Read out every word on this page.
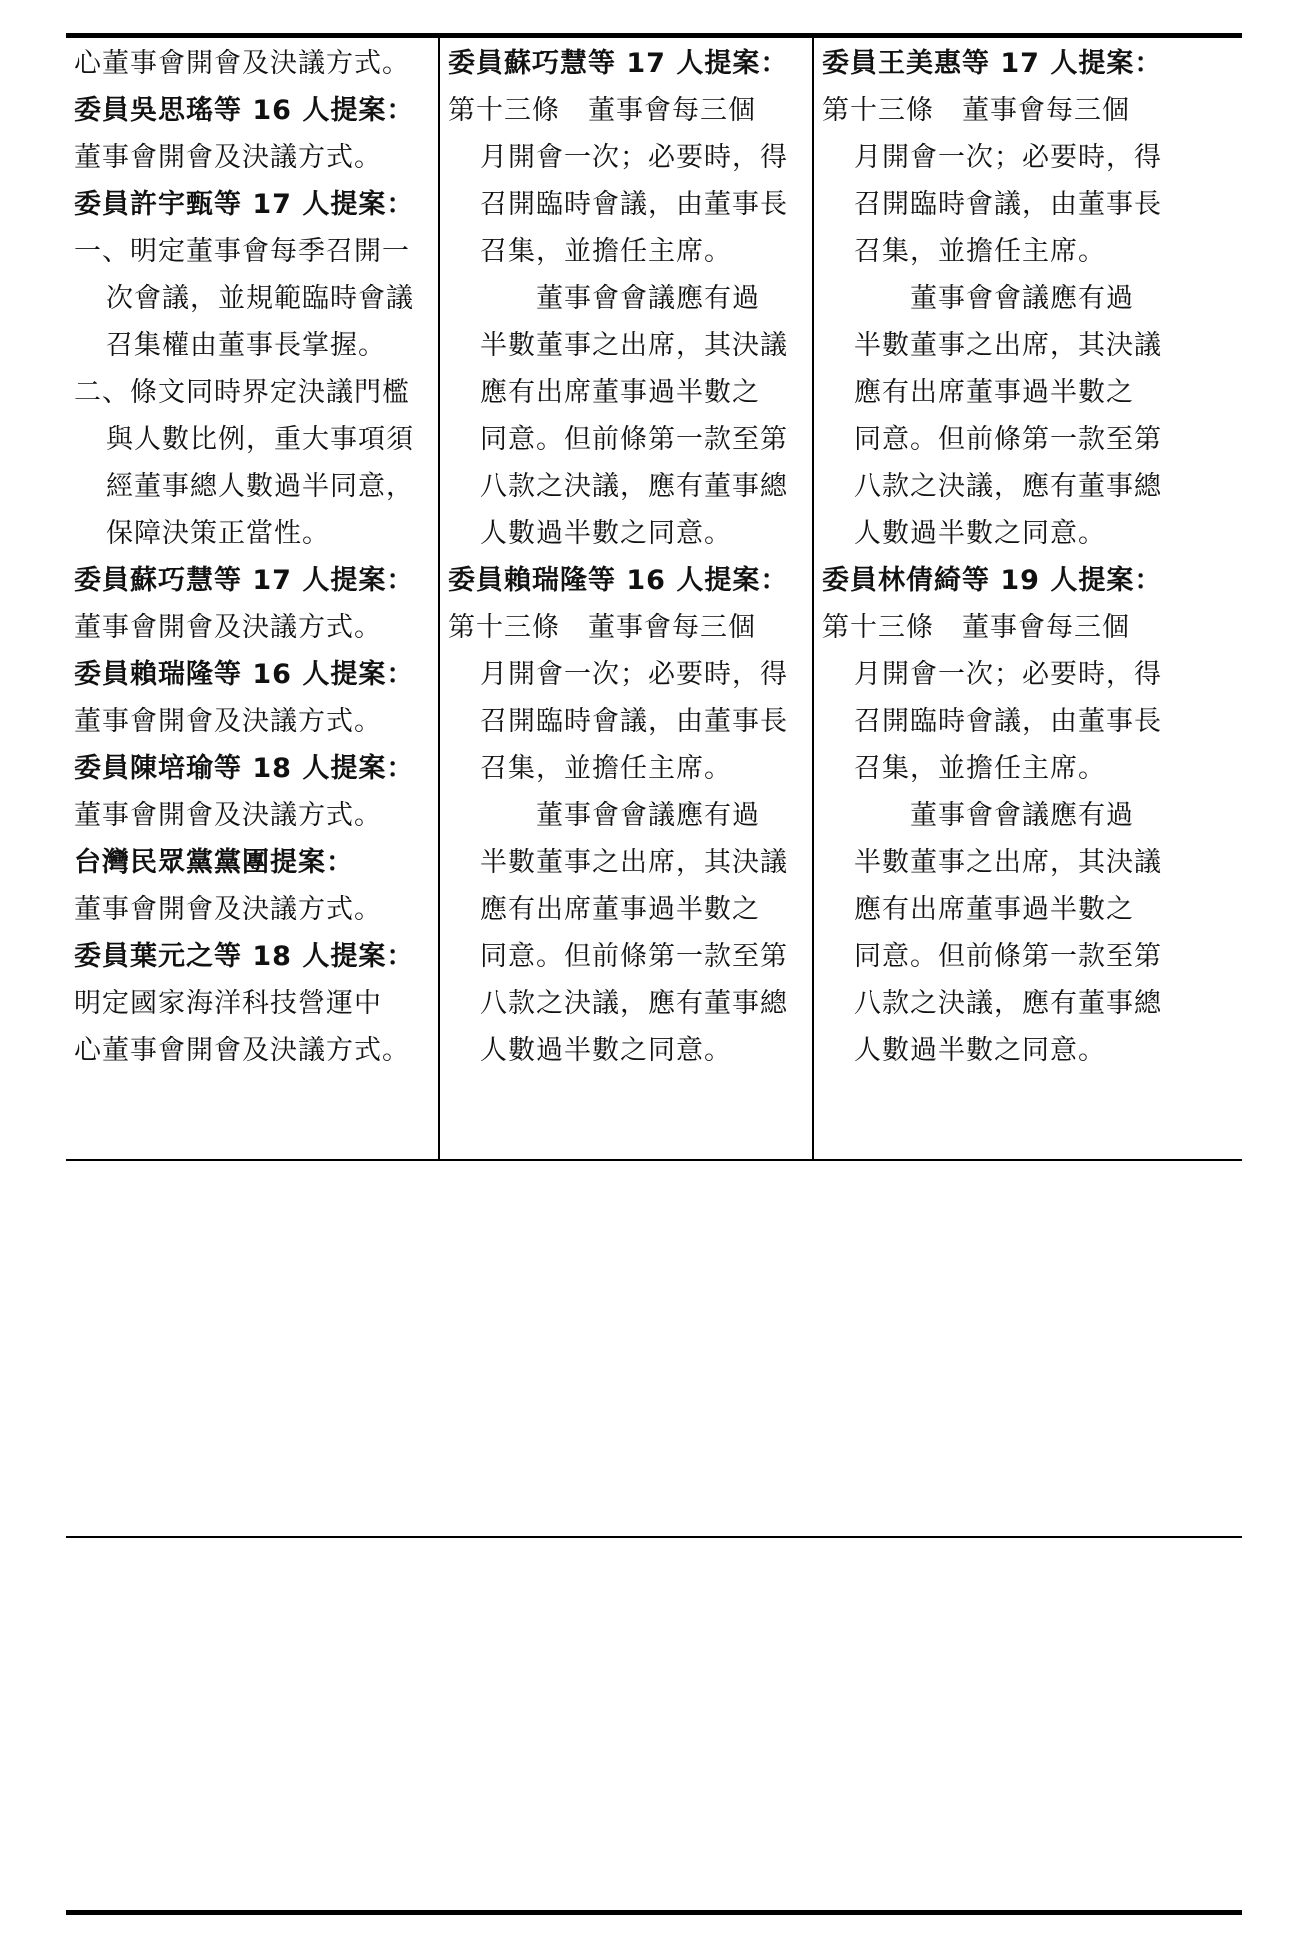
委員王美惠等 17 人提案：
第十三條　董事會每三個
月開會一次；必要時，得
召開臨時會議，由董事長
召集，並擔任主席。
董事會會議應有過
半數董事之出席，其決議
應有出席董事過半數之
同意。但前條第一款至第
八款之決議，應有董事總
人數過半數之同意。
委員林倩綺等 19 人提案：
第十三條　董事會每三個
月開會一次；必要時，得
召開臨時會議，由董事長
召集，並擔任主席。
董事會會議應有過
半數董事之出席，其決議
應有出席董事過半數之
同意。但前條第一款至第
八款之決議，應有董事總
人數過半數之同意。
委員蘇巧慧等 17 人提案：
第十三條　董事會每三個
月開會一次；必要時，得
召開臨時會議，由董事長
召集，並擔任主席。
董事會會議應有過
半數董事之出席，其決議
應有出席董事過半數之
同意。但前條第一款至第
八款之決議，應有董事總
人數過半數之同意。
委員賴瑞隆等 16 人提案：
第十三條　董事會每三個
月開會一次；必要時，得
召開臨時會議，由董事長
召集，並擔任主席。
董事會會議應有過
半數董事之出席，其決議
應有出席董事過半數之
同意。但前條第一款至第
八款之決議，應有董事總
人數過半數之同意。
心董事會開會及決議方式。
委員吳思瑤等 16 人提案：
董事會開會及決議方式。
委員許宇甄等 17 人提案：
一、明定董事會每季召開一
次會議，並規範臨時會議
召集權由董事長掌握。
二、條文同時界定決議門檻
與人數比例，重大事項須
經董事總人數過半同意，
保障決策正當性。
委員蘇巧慧等 17 人提案：
董事會開會及決議方式。
委員賴瑞隆等 16 人提案：
董事會開會及決議方式。
委員陳培瑜等 18 人提案：
董事會開會及決議方式。
台灣民眾黨黨團提案：
董事會開會及決議方式。
委員葉元之等 18 人提案：
明定國家海洋科技營運中
心董事會開會及決議方式。
